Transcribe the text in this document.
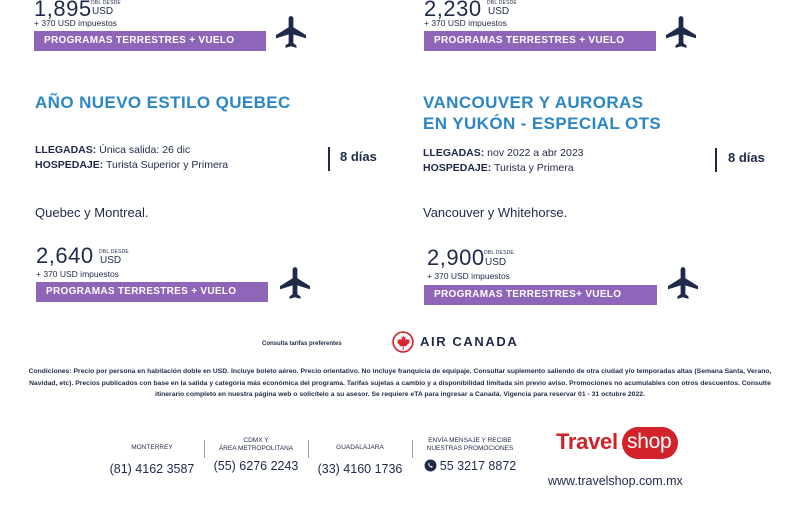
1,895 DBL DESDE
USD
+ 370 USD impuestos
PROGRAMAS TERRESTRES + VUELO
2,230 DBL DESDE
USD
+ 370 USD impuestos
PROGRAMAS TERRESTRES + VUELO
AÑO NUEVO ESTILO QUEBEC
LLEGADAS: Única salida: 26 dic
HOSPEDAJE: Turista Superior y Primera
8 días
Quebec y Montreal.
2,640 DBL DESDE
USD
+ 370 USD impuestos
PROGRAMAS TERRESTRES + VUELO
VANCOUVER Y AURORAS
EN YUKÓN - ESPECIAL OTS
LLEGADAS: nov 2022 a abr 2023
HOSPEDAJE: Turista y Primera
8 días
Vancouver y Whitehorse.
2,900 DBL DESDE
USD
+ 370 USD impuestos
PROGRAMAS TERRESTRES+ VUELO
Consulta tarifas preferentes	AIR CANADA
Condiciones: Precio por persona en habitación doble en USD. Incluye boleto aéreo. Precio orientativo. No incluye franquicia de equipaje. Consultar suplemento saliendo de otra ciudad y/o temporadas altas (Semana Santa, Verano, Navidad, etc). Precios publicados con base en la salida y categoría más económica del programa. Tarifas sujetas a cambio y a disponibilidad limitada sin previo aviso. Promociones no acumulables con otros descuentos. Consulte itinerario completo en nuestra página web o solicítelo a su asesor. Se requiere eTA para ingresar a Canadá. Vigencia para reservar 01 - 31 octubre 2022.
MONTERREY
(81) 4162 3587
CDMX Y
ÁREA METROPOLITANA
(55) 6276 2243
GUADALAJARA
(33) 4160 1736
ENVÍA MENSAJE Y RECIBE
NUESTRAS PROMOCIONES
55 3217 8872
Travel shop
www.travelshop.com.mx
